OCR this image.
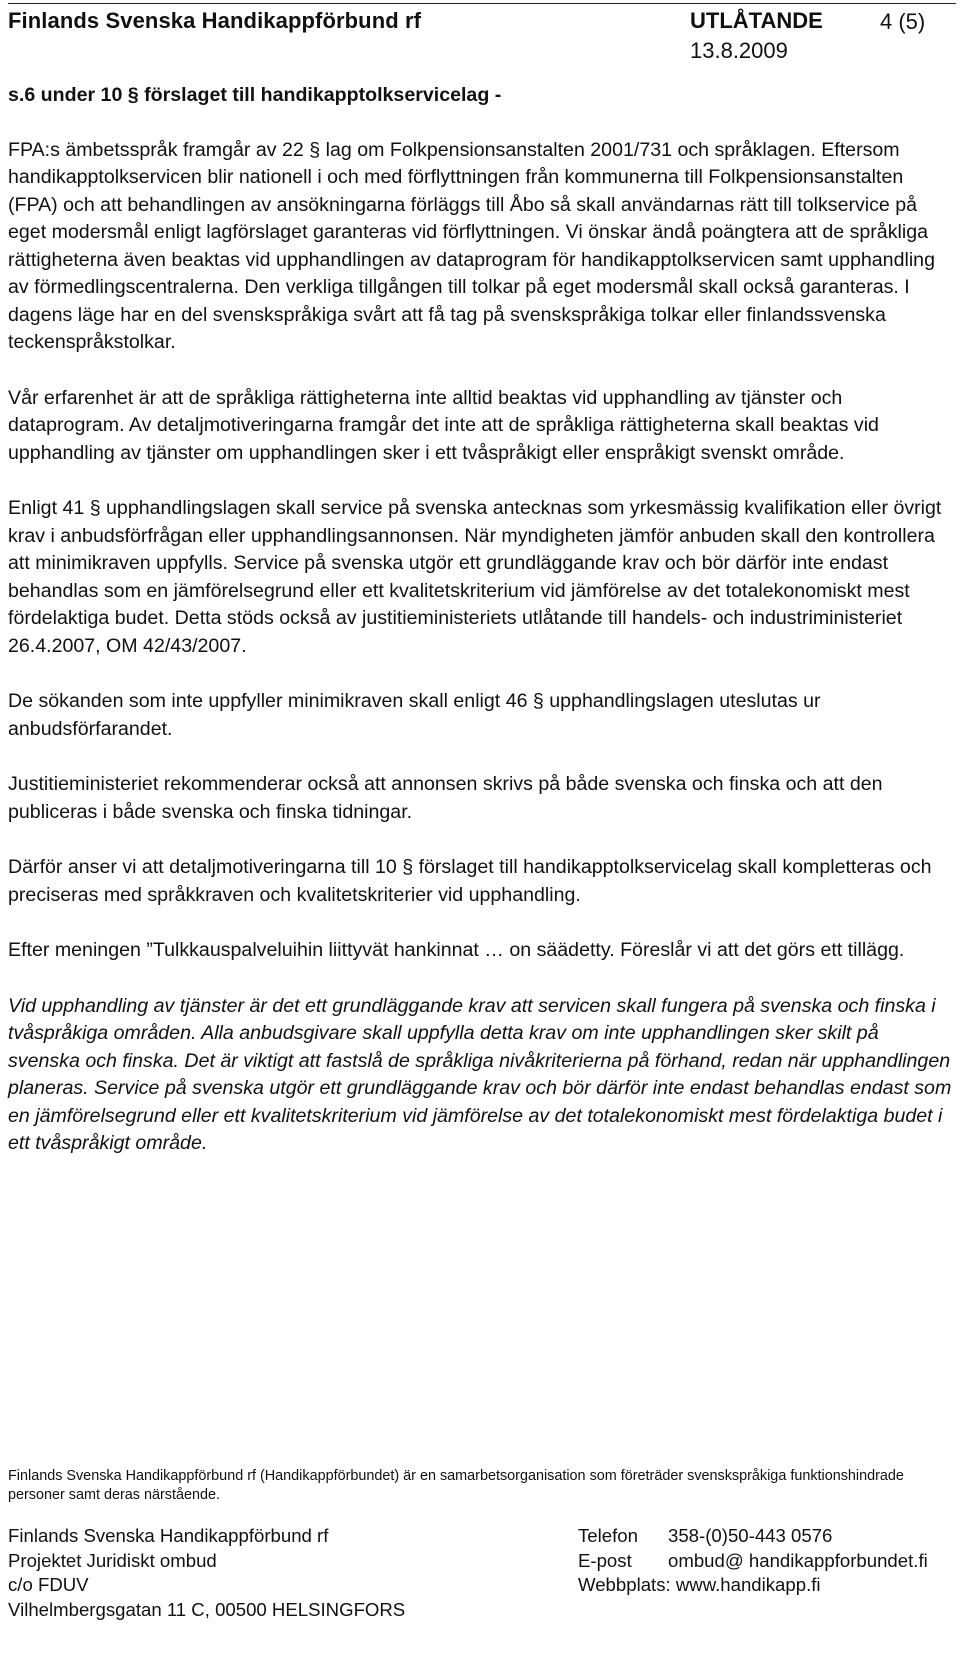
Finlands Svenska Handikappförbund rf	UTLÅTANDE	4 (5)
13.8.2009

s.6 under 10 § förslaget till handikapptolkservicelag -

FPA:s ämbetsspråk framgår av 22 § lag om Folkpensionsanstalten 2001/731 och språklagen. Eftersom handikapptolkservicen blir nationell i och med förflyttningen från kommunerna till Folkpensionsanstalten (FPA) och att behandlingen av ansökningarna förläggs till Åbo så skall användarnas rätt till tolkservice på eget modersmål enligt lagförslaget garanteras vid förflyttningen. Vi önskar ändå poängtera att de språkliga rättigheterna även beaktas vid upphandlingen av dataprogram för handikapptolkservicen samt upphandling av förmedlingscentralerna. Den verkliga tillgången till tolkar på eget modersmål skall också garanteras. I dagens läge har en del svenskspråkiga svårt att få tag på svenskspråkiga tolkar eller finlandssvenska teckenspråkstolkar.

Vår erfarenhet är att de språkliga rättigheterna inte alltid beaktas vid upphandling av tjänster och dataprogram. Av detaljmotiveringarna framgår det inte att de språkliga rättigheterna skall beaktas vid upphandling av tjänster om upphandlingen sker i ett tvåspråkigt eller enspråkigt svenskt område.

Enligt 41 § upphandlingslagen skall service på svenska antecknas som yrkesmässig kvalifikation eller övrigt krav i anbudsförfrågan eller upphandlingsannonsen. När myndigheten jämför anbuden skall den kontrollera att minimikraven uppfylls. Service på svenska utgör ett grundläggande krav och bör därför inte endast behandlas som en jämförelsegrund eller ett kvalitetskriterium vid jämförelse av det totalekonomiskt mest fördelaktiga budet. Detta stöds också av justitieministeriets utlåtande till handels- och industriministeriet 26.4.2007, OM 42/43/2007.

De sökanden som inte uppfyller minimikraven skall enligt 46 § upphandlingslagen uteslutas ur anbudsförfarandet.

Justitieministeriet rekommenderar också att annonsen skrivs på både svenska och finska och att den publiceras i både svenska och finska tidningar.

Därför anser vi att detaljmotiveringarna till 10 § förslaget till handikapptolkservicelag skall kompletteras och preciseras med språkkraven och kvalitetskriterier vid upphandling.

Efter meningen ”Tulkkauspalveluihin liittyvät hankinnat … on säädetty. Föreslår vi att det görs ett tillägg.

Vid upphandling av tjänster är det ett grundläggande krav att servicen skall fungera på svenska och finska i tvåspråkiga områden. Alla anbudsgivare skall uppfylla detta krav om inte upphandlingen sker skilt på svenska och finska. Det är viktigt att fastslå de språkliga nivåkriterierna på förhand, redan när upphandlingen planeras. Service på svenska utgör ett grundläggande krav och bör därför inte endast behandlas endast som en jämförelsegrund eller ett kvalitetskriterium vid jämförelse av det totalekonomiskt mest fördelaktiga budet i ett tvåspråkigt område.

Finlands Svenska Handikappförbund rf (Handikappförbundet) är en samarbetsorganisation som företräder svenskspråkiga funktionshindrade personer samt deras närstående.
Finlands Svenska Handikappförbund rf
Projektet Juridiskt ombud
c/o FDUV
Vilhelmbergsgatan 11 C, 00500 HELSINGFORS
Telefon 358-(0)50-443 0576
E-post ombud@ handikappforbundet.fi
Webbplats: www.handikapp.fi
